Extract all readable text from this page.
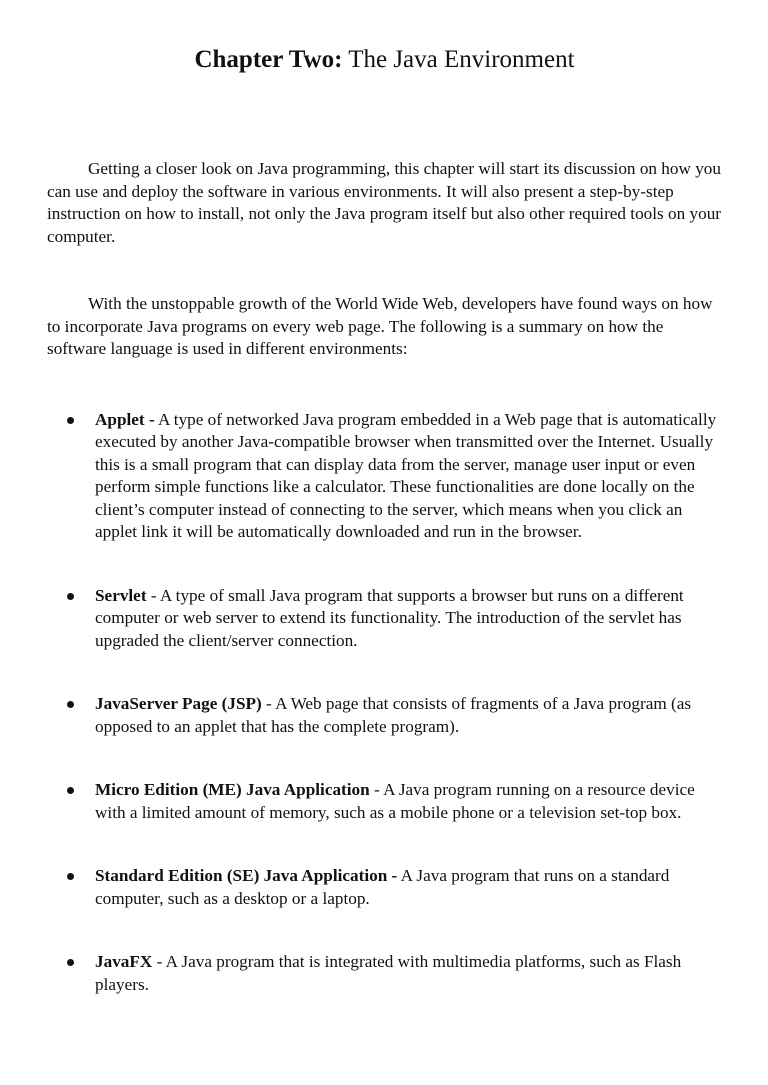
Chapter Two: The Java Environment

Getting a closer look on Java programming, this chapter will start its discussion on how you can use and deploy the software in various environments. It will also present a step-by-step instruction on how to install, not only the Java program itself but also other required tools on your computer.

With the unstoppable growth of the World Wide Web, developers have found ways on how to incorporate Java programs on every web page. The following is a summary on how the software language is used in different environments:

Applet - A type of networked Java program embedded in a Web page that is automatically executed by another Java-compatible browser when transmitted over the Internet. Usually this is a small program that can display data from the server, manage user input or even perform simple functions like a calculator. These functionalities are done locally on the client’s computer instead of connecting to the server, which means when you click an applet link it will be automatically downloaded and run in the browser.
Servlet - A type of small Java program that supports a browser but runs on a different computer or web server to extend its functionality. The introduction of the servlet has upgraded the client/server connection.
JavaServer Page (JSP) - A Web page that consists of fragments of a Java program (as opposed to an applet that has the complete program).
Micro Edition (ME) Java Application - A Java program running on a resource device with a limited amount of memory, such as a mobile phone or a television set-top box.
Standard Edition (SE) Java Application - A Java program that runs on a standard computer, such as a desktop or a laptop.
JavaFX - A Java program that is integrated with multimedia platforms, such as Flash players.
